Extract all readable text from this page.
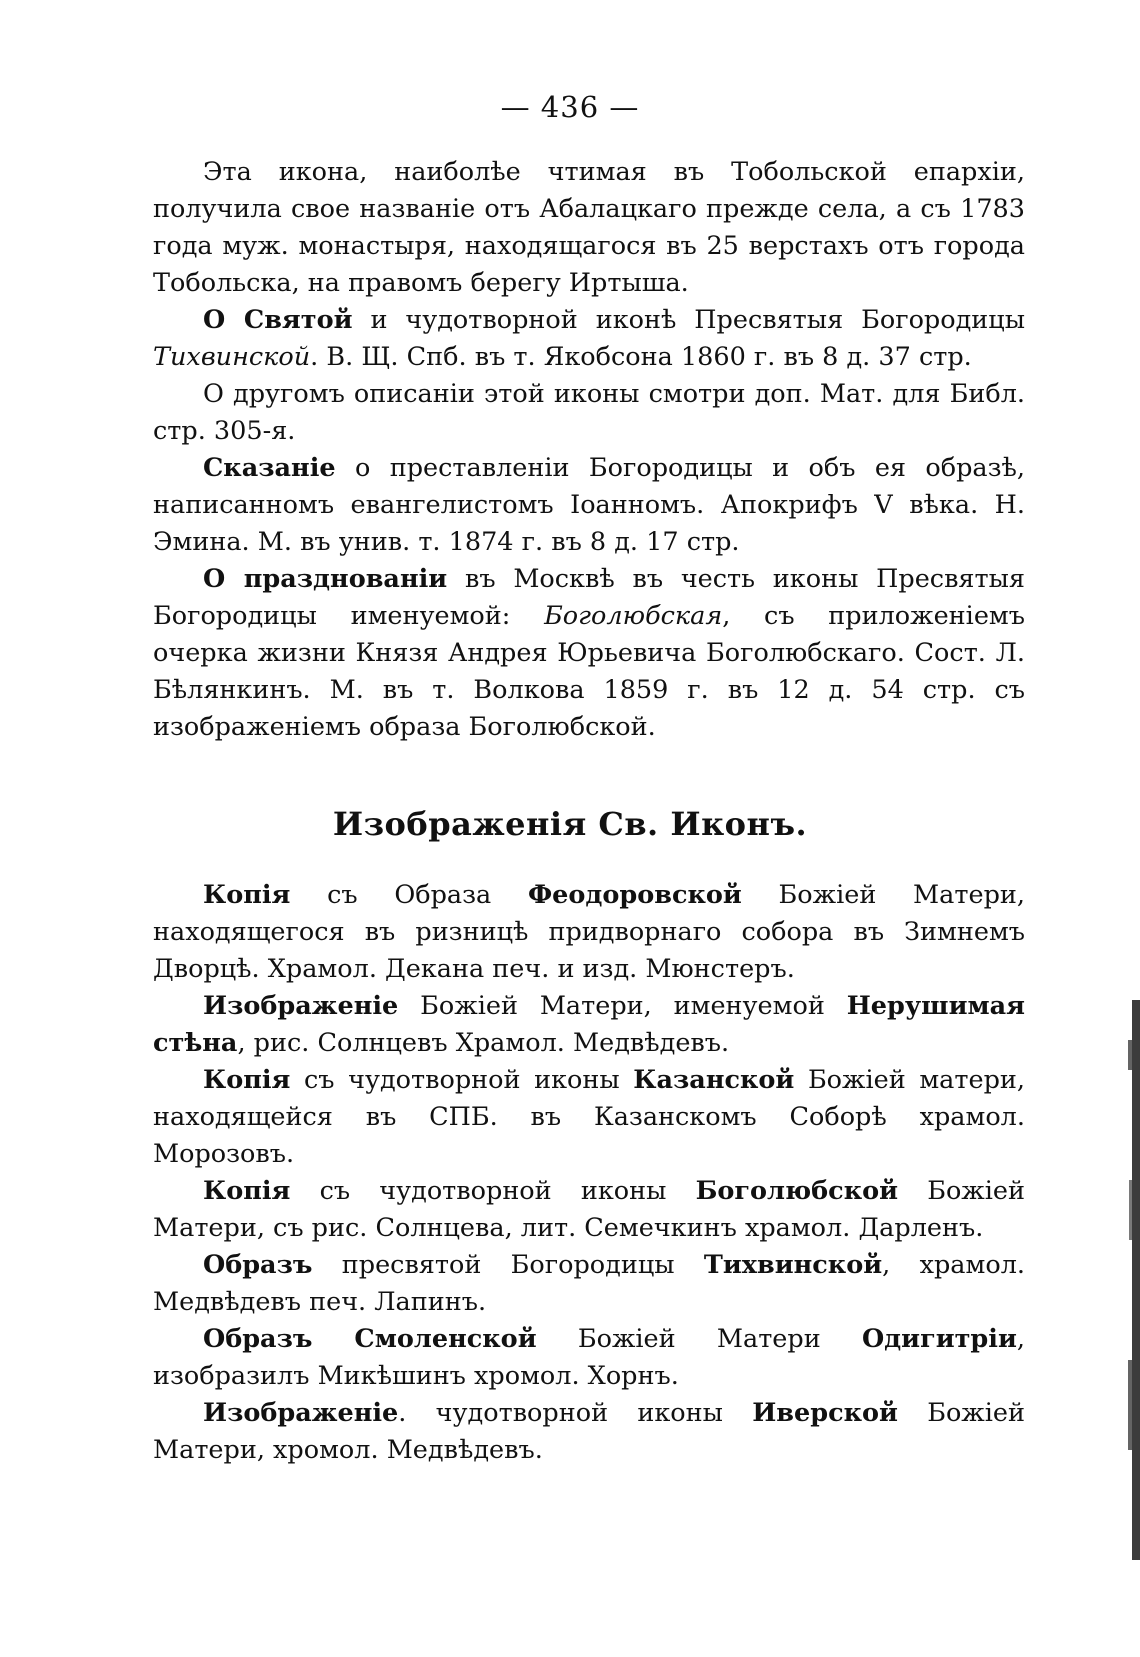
— 436 —

Эта икона, наиболѣе чтимая въ Тобольской епархіи, получила свое названіе отъ Абалацкаго прежде села, а съ 1783 года муж. монастыря, находящагося въ 25 верстахъ отъ города Тобольска, на правомъ берегу Иртыша.

О Святой и чудотворной иконѣ Пресвятыя Богородицы Тихвинской. В. Щ. Спб. въ т. Якобсона 1860 г. въ 8 д. 37 стр.

О другомъ описаніи этой иконы смотри доп. Мат. для Библ. стр. 305-я.

Сказаніе о преставленіи Богородицы и объ ея образѣ, написанномъ евангелистомъ Іоанномъ. Апокрифъ V вѣка. Н. Эмина. М. въ унив. т. 1874 г. въ 8 д. 17 стр.

О празднованіи въ Москвѣ въ честь иконы Пресвятыя Богородицы именуемой: Боголюбская, съ приложеніемъ очерка жизни Князя Андрея Юрьевича Боголюбскаго. Сост. Л. Бѣлянкинъ. М. въ т. Волкова 1859 г. въ 12 д. 54 стр. съ изображеніемъ образа Боголюбской.

Изображенія Св. Иконъ.

Копія съ Образа Феодоровской Божіей Матери, находящегося въ ризницѣ придворнаго собора въ Зимнемъ Дворцѣ. Храмол. Декана печ. и изд. Мюнстеръ.

Изображеніе Божіей Матери, именуемой Нерушимая стѣна, рис. Солнцевъ Храмол. Медвѣдевъ.

Копія съ чудотворной иконы Казанской Божіей матери, находящейся въ СПБ. въ Казанскомъ Соборѣ храмол. Морозовъ.

Копія съ чудотворной иконы Боголюбской Божіей Матери, съ рис. Солнцева, лит. Семечкинъ храмол. Дарленъ.

Образъ пресвятой Богородицы Тихвинской, храмол. Медвѣдевъ печ. Лапинъ.

Образъ Смоленской Божіей Матери Одигитріи, изобразилъ Микѣшинъ хромол. Хорнъ.

Изображеніе. чудотворной иконы Иверской Божіей Матери, хромол. Медвѣдевъ.
